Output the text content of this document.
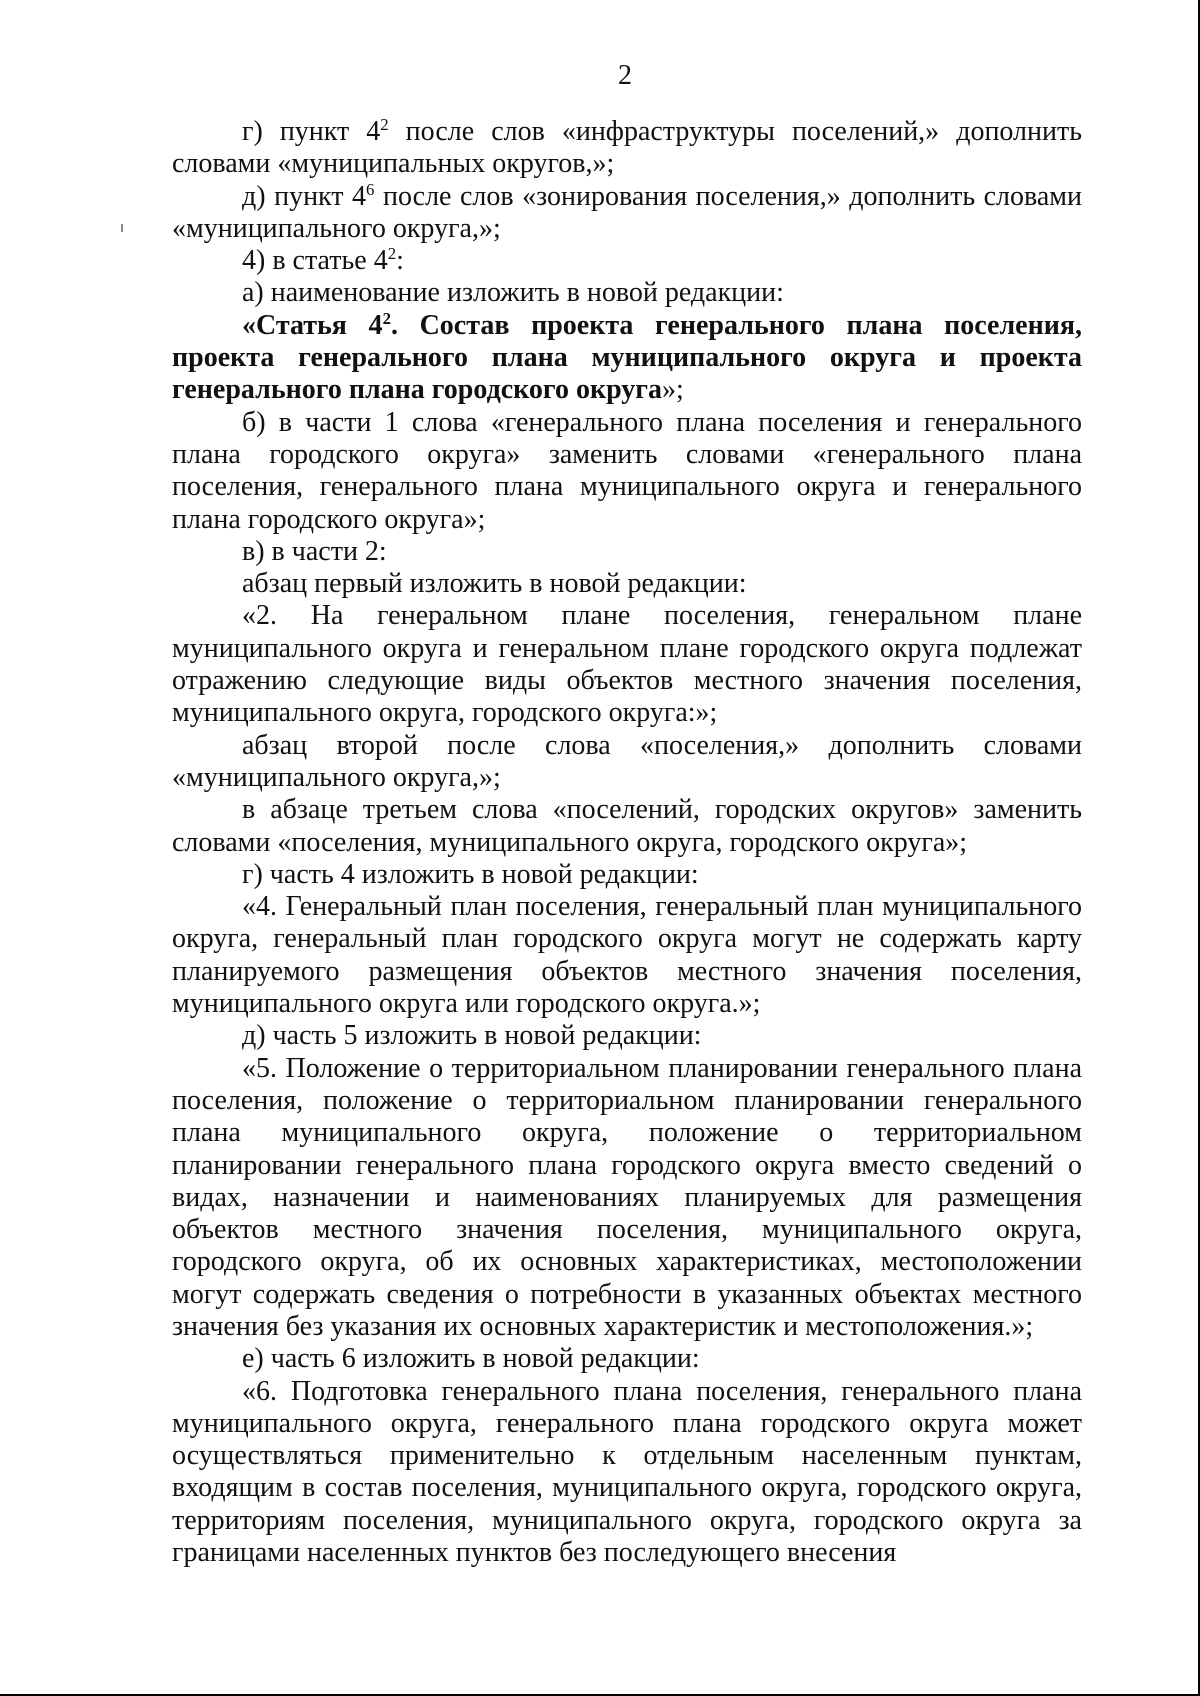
2

г) пункт $4^2$ после слов «инфраструктуры поселений,» дополнить словами «муниципальных округов,»;

д) пункт $4^6$ после слов «зонирования поселения,» дополнить словами «муниципального округа,»;

4) в статье $4^2$:

а) наименование изложить в новой редакции:

«Статья $4^2$. Состав проекта генерального плана поселения, проекта генерального плана муниципального округа и проекта генерального плана городского округа»;

б) в части 1 слова «генерального плана поселения и генерального плана городского округа» заменить словами «генерального плана поселения, генерального плана муниципального округа и генерального плана городского округа»;

в) в части 2:

абзац первый изложить в новой редакции:

«2. На генеральном плане поселения, генеральном плане муниципального округа и генеральном плане городского округа подлежат отражению следующие виды объектов местного значения поселения, муниципального округа, городского округа:»;

абзац второй после слова «поселения,» дополнить словами «муниципального округа,»;

в абзаце третьем слова «поселений, городских округов» заменить словами «поселения, муниципального округа, городского округа»;

г) часть 4 изложить в новой редакции:

«4. Генеральный план поселения, генеральный план муниципального округа, генеральный план городского округа могут не содержать карту планируемого размещения объектов местного значения поселения, муниципального округа или городского округа.»;

д) часть 5 изложить в новой редакции:

«5. Положение о территориальном планировании генерального плана поселения, положение о территориальном планировании генерального плана муниципального округа, положение о территориальном планировании генерального плана городского округа вместо сведений о видах, назначении и наименованиях планируемых для размещения объектов местного значения поселения, муниципального округа, городского округа, об их основных характеристиках, местоположении могут содержать сведения о потребности в указанных объектах местного значения без указания их основных характеристик и местоположения.»;

е) часть 6 изложить в новой редакции:

«6. Подготовка генерального плана поселения, генерального плана муниципального округа, генерального плана городского округа может осуществляться применительно к отдельным населенным пунктам, входящим в состав поселения, муниципального округа, городского округа, территориям поселения, муниципального округа, городского округа за границами населенных пунктов без последующего внесения
